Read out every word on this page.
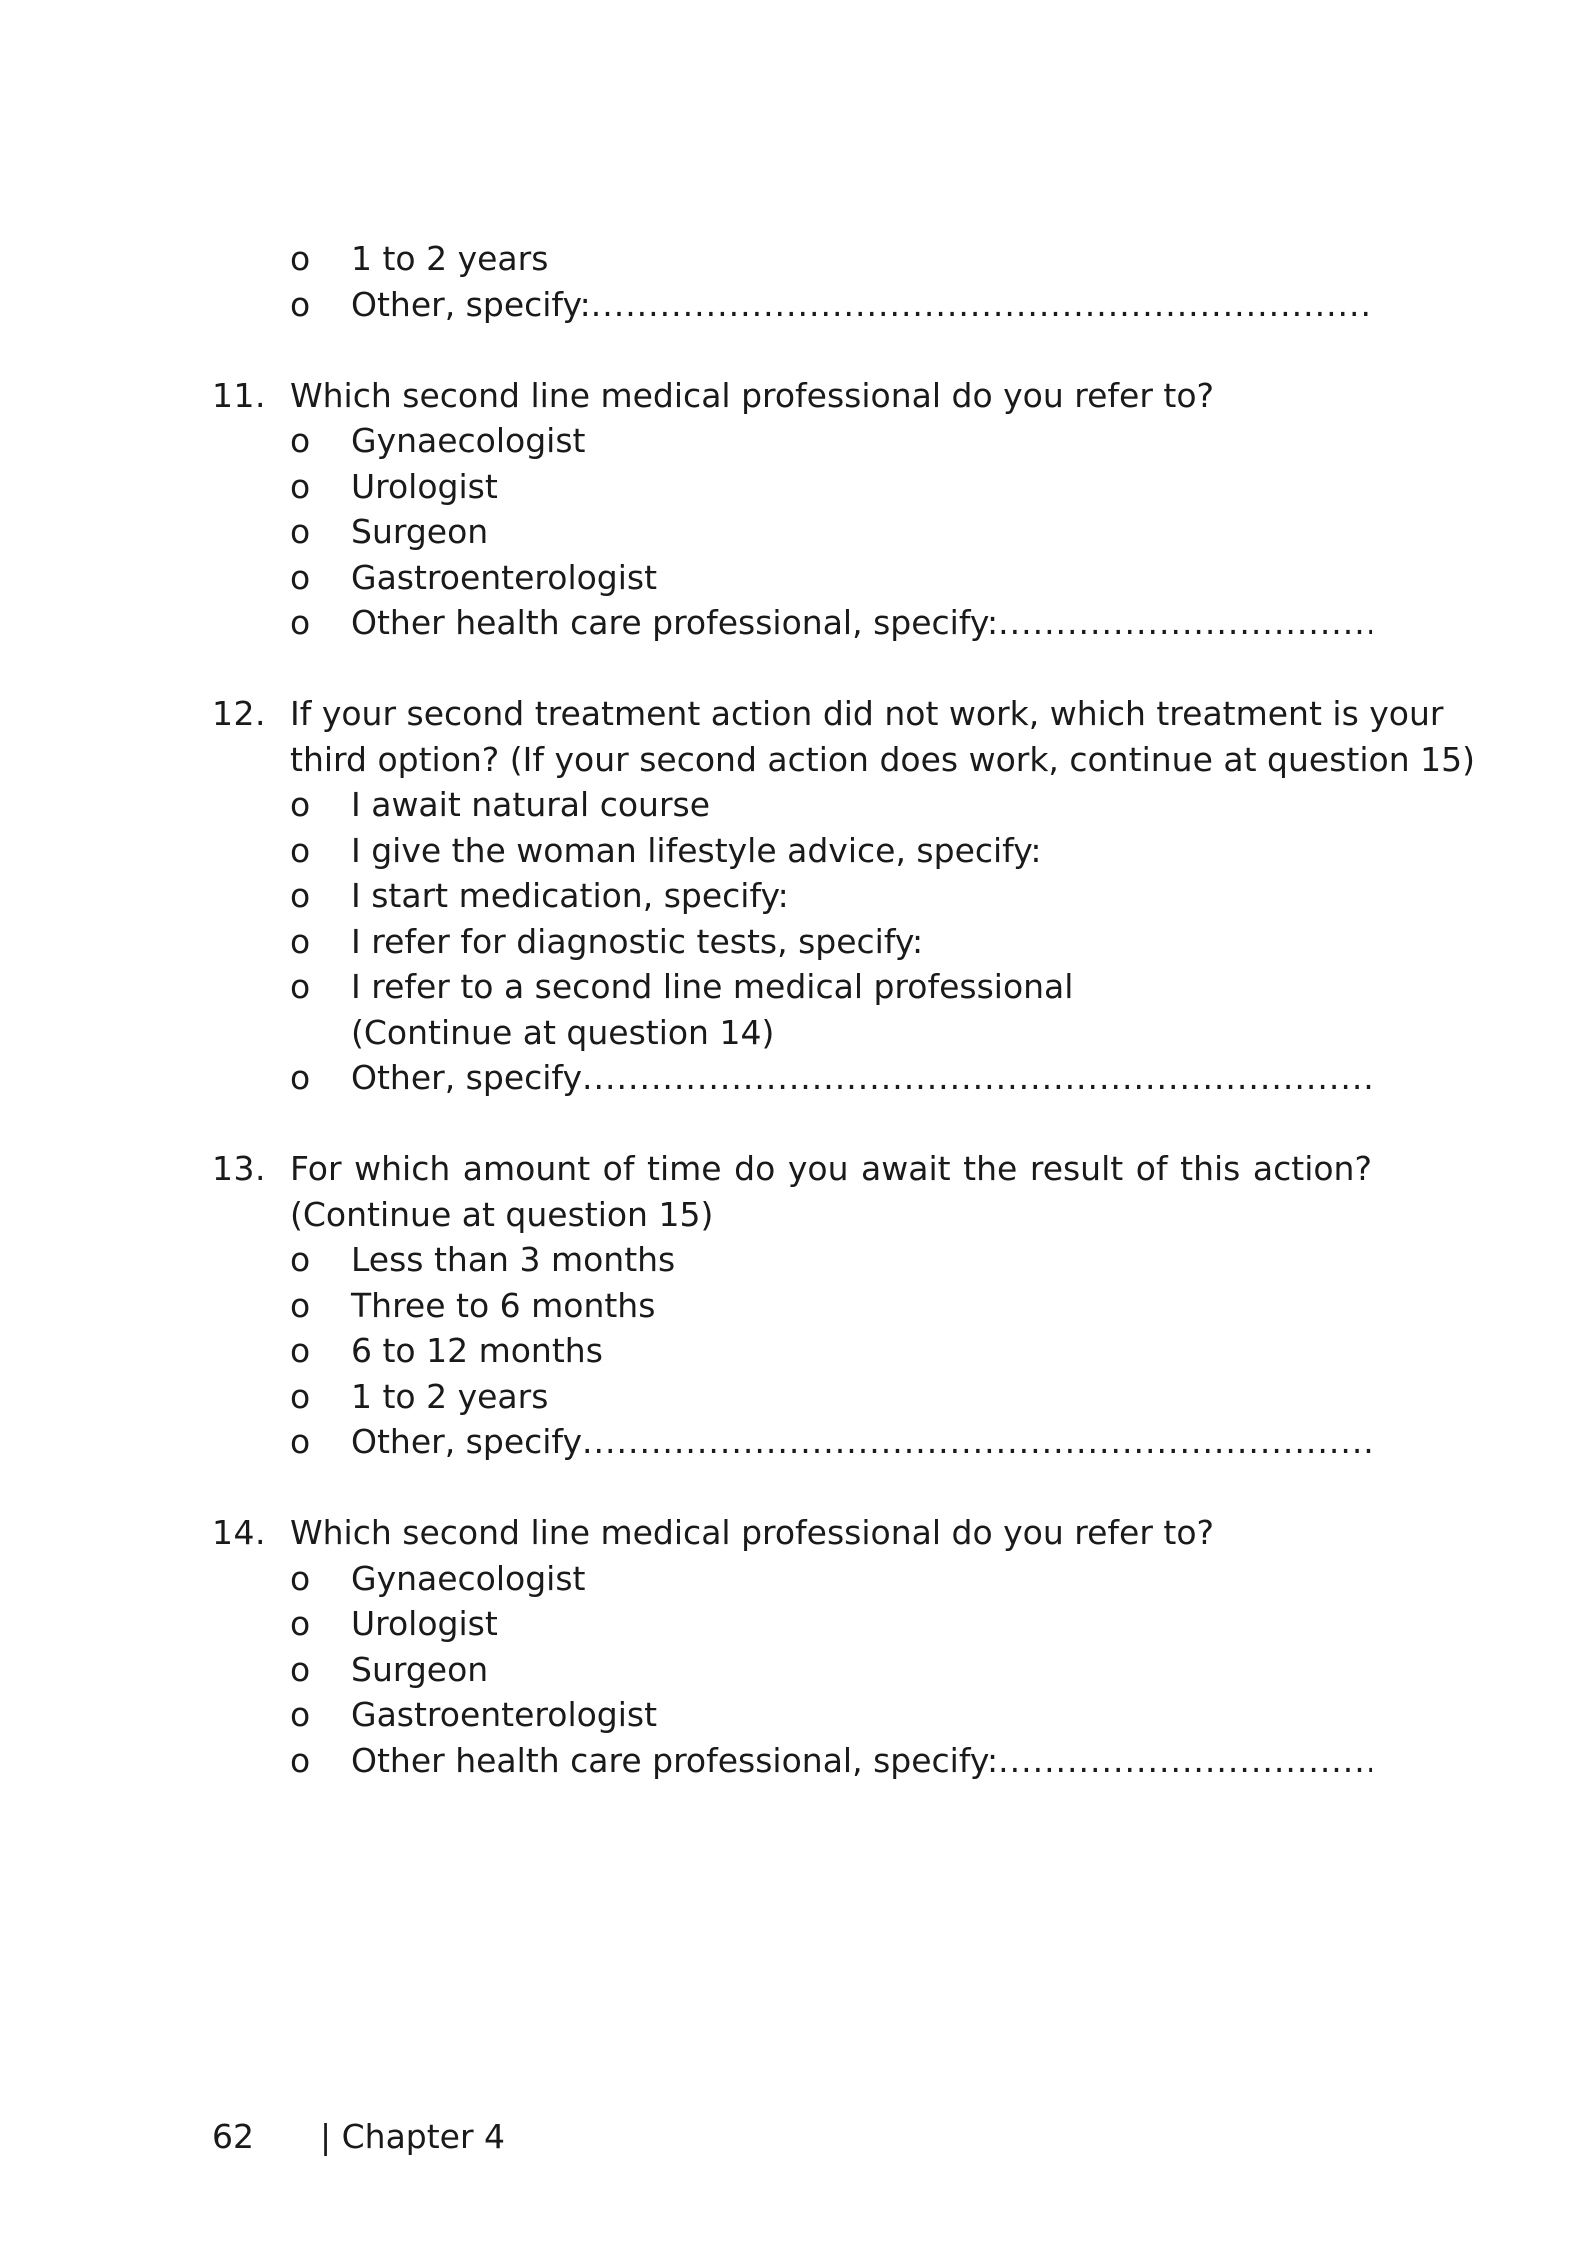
o 1 to 2 years
o Other, specify:
.....
11. Which second line medical professional do you refer to?
o Gynaecologist
o Urologist
o Surgeon
o Gastroenterologist
o Other health care professional, specify:
.....
12. If your second treatment action did not work, which treatment is your
third option? (If your second action does work, continue at question 15)
o I await natural course
o I give the woman lifestyle advice, specify:
o I start medication, specify:
o I refer for diagnostic tests, specify:
o I refer to a second line medical professional
(Continue at question 14)
o Other, specify
.....
13. For which amount of time do you await the result of this action?
(Continue at question 15)
o Less than 3 months
o Three to 6 months
o 6 to 12 months
o 1 to 2 years
o Other, specify
.....
14. Which second line medical professional do you refer to?
o Gynaecologist
o Urologist
o Surgeon
o Gastroenterologist
o Other health care professional, specify:
.....
62 | Chapter 4
